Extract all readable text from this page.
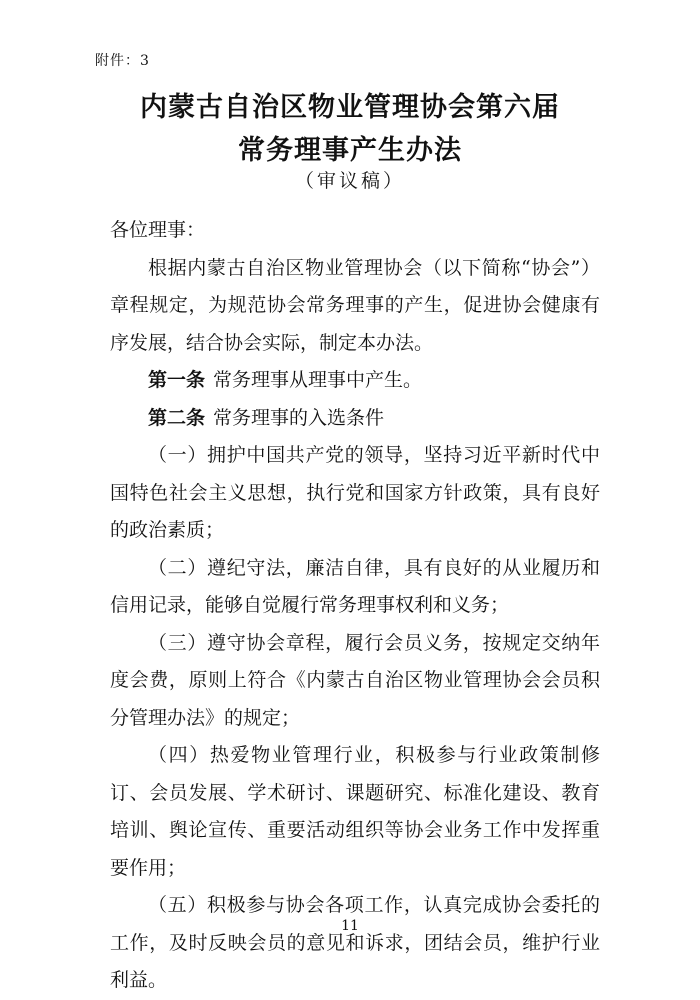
附件：3
内蒙古自治区物业管理协会第六届
常务理事产生办法
（审议稿）

各位理事：

根据内蒙古自治区物业管理协会（以下简称“协会”）章程规定，为规范协会常务理事的产生，促进协会健康有序发展，结合协会实际，制定本办法。

第一条 常务理事从理事中产生。

第二条 常务理事的入选条件

（一）拥护中国共产党的领导，坚持习近平新时代中国特色社会主义思想，执行党和国家方针政策，具有良好的政治素质；

（二）遵纪守法，廉洁自律，具有良好的从业履历和信用记录，能够自觉履行常务理事权利和义务；

（三）遵守协会章程，履行会员义务，按规定交纳年度会费，原则上符合《内蒙古自治区物业管理协会会员积分管理办法》的规定；

（四）热爱物业管理行业，积极参与行业政策制修订、会员发展、学术研讨、课题研究、标准化建设、教育培训、舆论宣传、重要活动组织等协会业务工作中发挥重要作用；

（五）积极参与协会各项工作，认真完成协会委托的工作，及时反映会员的意见和诉求，团结会员，维护行业利益。

11
